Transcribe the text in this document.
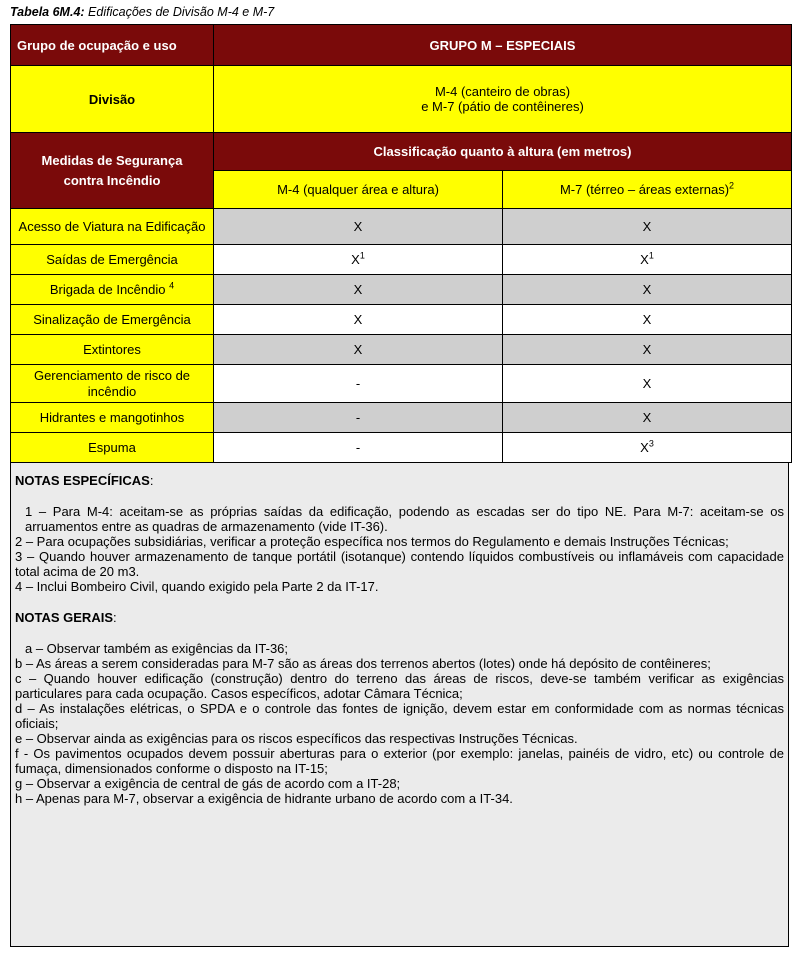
Tabela 6M.4: Edificações de Divisão M-4 e M-7
Grupo de ocupação e uso	GRUPO M – ESPECIAIS	
Divisão	M-4 (canteiro de obras)
e M-7 (pátio de contêineres)	

Medidas de Segurança
contra Incêndio	Classificação quanto à altura (em metros)	
	M-4 (qualquer área e altura)	M-7 (térreo – áreas externas)$^2$
Acesso de Viatura na Edificação	X	X
Saídas de Emergência	$X^1$	$X^1$
Brigada de Incêndio $^4$	X	X
Sinalização de Emergência	X	X
Extintores	X	X
Gerenciamento de risco de incêndio	-	X
Hidrantes e mangotinhos	-	X
Espuma	-	$X^3$

NOTAS ESPECÍFICAS:

1 – Para M-4: aceitam-se as próprias saídas da edificação, podendo as escadas ser do tipo NE. Para M-7: aceitam-se os arruamentos entre as quadras de armazenamento (vide IT-36).

2 – Para ocupações subsidiárias, verificar a proteção específica nos termos do Regulamento e demais Instruções Técnicas;

3 – Quando houver armazenamento de tanque portátil (isotanque) contendo líquidos combustíveis ou inflamáveis com capacidade total acima de 20 m3.

4 – Inclui Bombeiro Civil, quando exigido pela Parte 2 da IT-17.

NOTAS GERAIS:

a – Observar também as exigências da IT-36;

b – As áreas a serem consideradas para M-7 são as áreas dos terrenos abertos (lotes) onde há depósito de contêineres;

c – Quando houver edificação (construção) dentro do terreno das áreas de riscos, deve-se também verificar as exigências particulares para cada ocupação. Casos específicos, adotar Câmara Técnica;

d – As instalações elétricas, o SPDA e o controle das fontes de ignição, devem estar em conformidade com as normas técnicas oficiais;

e – Observar ainda as exigências para os riscos específicos das respectivas Instruções Técnicas.

f - Os pavimentos ocupados devem possuir aberturas para o exterior (por exemplo: janelas, painéis de vidro, etc) ou controle de fumaça, dimensionados conforme o disposto na IT-15;

g – Observar a exigência de central de gás de acordo com a IT-28;

h – Apenas para M-7, observar a exigência de hidrante urbano de acordo com a IT-34.
